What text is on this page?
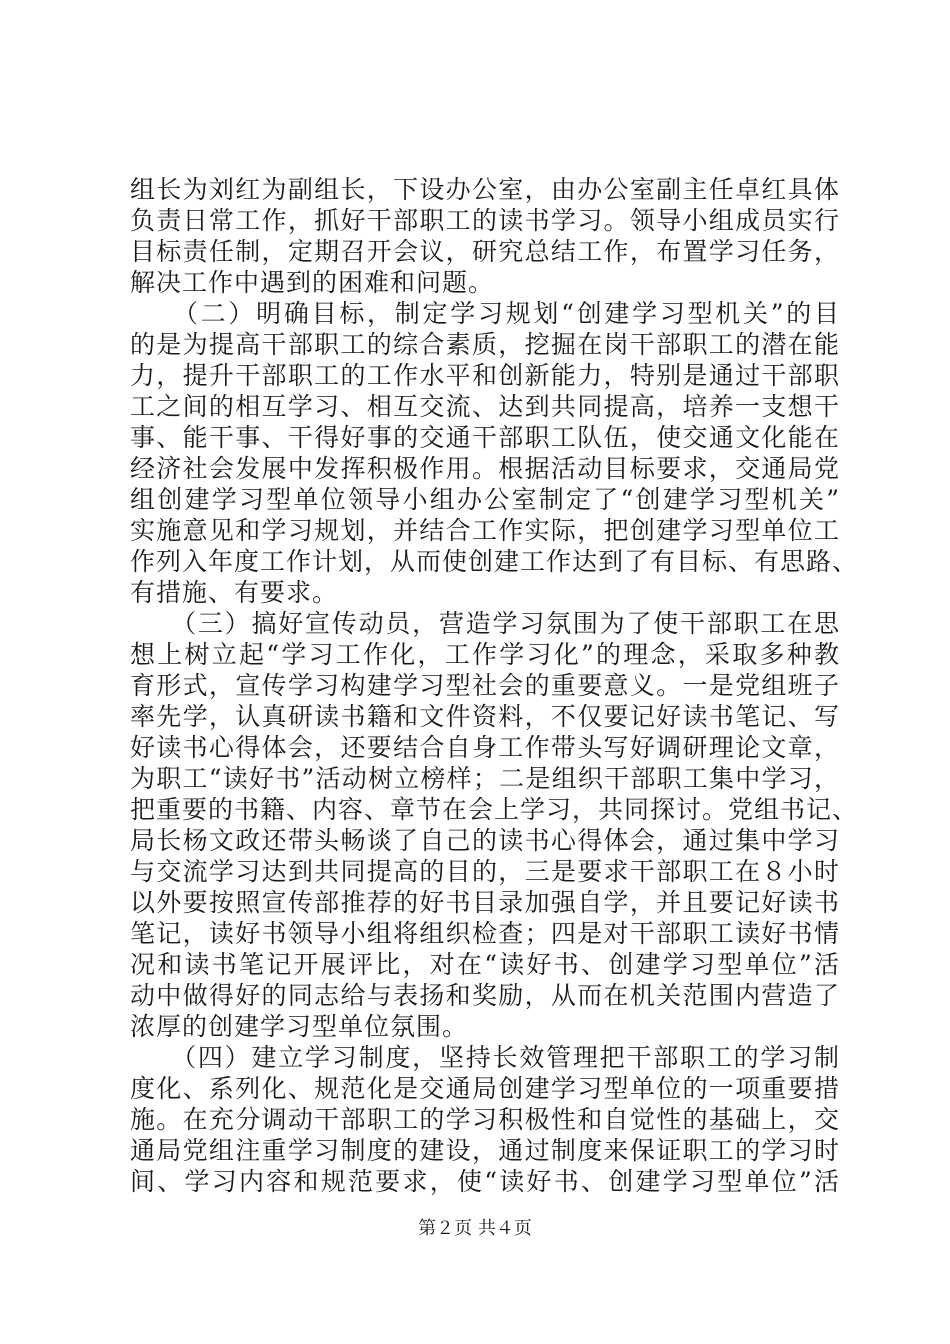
组长为刘红为副组长，下设办公室，由办公室副主任卓红具体
负责日常工作，抓好干部职工的读书学习。领导小组成员实行
目标责任制，定期召开会议，研究总结工作，布置学习任务，
解决工作中遇到的困难和问题。
　　（二）明确目标，制定学习规划“创建学习型机关”的目
的是为提高干部职工的综合素质，挖掘在岗干部职工的潜在能
力，提升干部职工的工作水平和创新能力，特别是通过干部职
工之间的相互学习、相互交流、达到共同提高，培养一支想干
事、能干事、干得好事的交通干部职工队伍，使交通文化能在
经济社会发展中发挥积极作用。根据活动目标要求，交通局党
组创建学习型单位领导小组办公室制定了“创建学习型机关”
实施意见和学习规划，并结合工作实际，把创建学习型单位工
作列入年度工作计划，从而使创建工作达到了有目标、有思路、
有措施、有要求。
　　（三）搞好宣传动员，营造学习氛围为了使干部职工在思
想上树立起“学习工作化，工作学习化”的理念，采取多种教
育形式，宣传学习构建学习型社会的重要意义。一是党组班子
率先学，认真研读书籍和文件资料，不仅要记好读书笔记、写
好读书心得体会，还要结合自身工作带头写好调研理论文章，
为职工“读好书”活动树立榜样；二是组织干部职工集中学习，
把重要的书籍、内容、章节在会上学习，共同探讨。党组书记、
局长杨文政还带头畅谈了自己的读书心得体会，通过集中学习
与交流学习达到共同提高的目的，三是要求干部职工在８小时
以外要按照宣传部推荐的好书目录加强自学，并且要记好读书
笔记，读好书领导小组将组织检查；四是对干部职工读好书情
况和读书笔记开展评比，对在“读好书、创建学习型单位”活
动中做得好的同志给与表扬和奖励，从而在机关范围内营造了
浓厚的创建学习型单位氛围。
　　（四）建立学习制度，坚持长效管理把干部职工的学习制
度化、系列化、规范化是交通局创建学习型单位的一项重要措
施。在充分调动干部职工的学习积极性和自觉性的基础上，交
通局党组注重学习制度的建设，通过制度来保证职工的学习时
间、学习内容和规范要求，使“读好书、创建学习型单位”活
第２页 共４页
